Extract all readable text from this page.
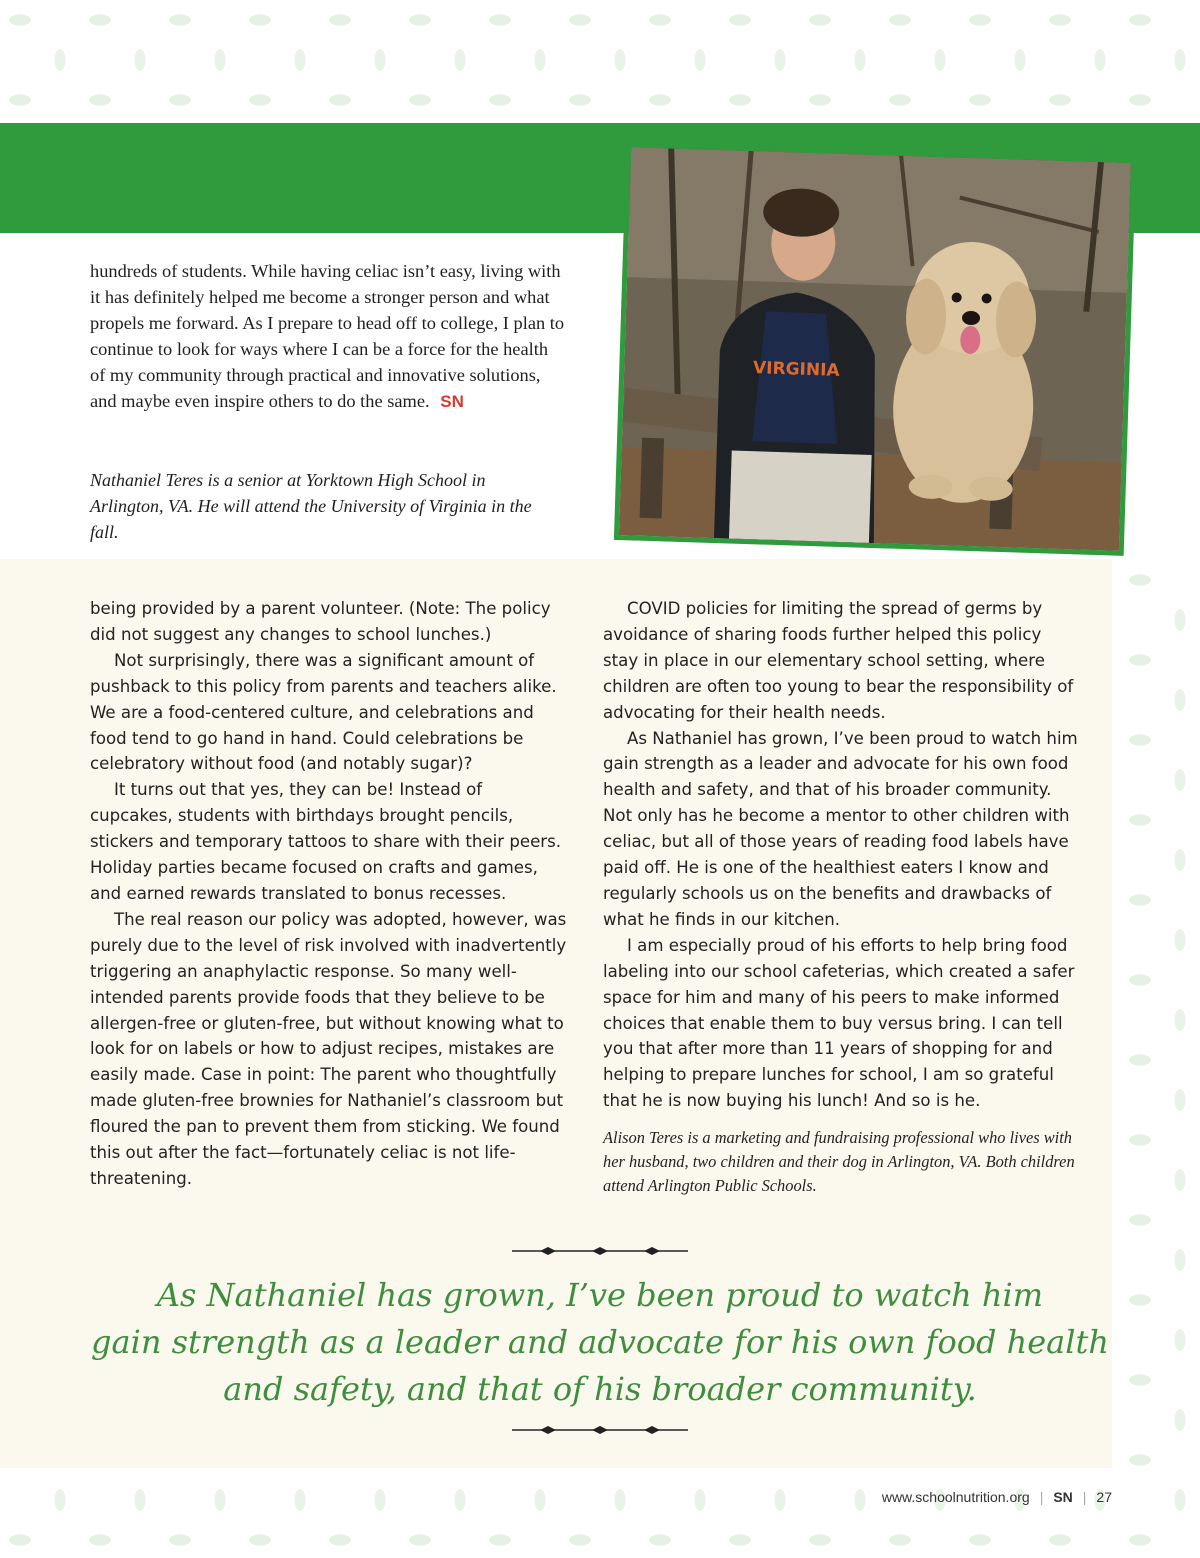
hundreds of students. While having celiac isn’t easy, living with it has definitely helped me become a stronger person and what propels me forward. As I prepare to head off to college, I plan to continue to look for ways where I can be a force for the health of my community through practical and innovative solutions, and maybe even inspire others to do the same. SN
Nathaniel Teres is a senior at Yorktown High School in Arlington, VA. He will attend the University of Virginia in the fall.
VIRGINIA

being provided by a parent volunteer. (Note: The policy did not suggest any changes to school lunches.)

Not surprisingly, there was a significant amount of pushback to this policy from parents and teachers alike. We are a food-centered culture, and celebrations and food tend to go hand in hand. Could celebrations be celebratory without food (and notably sugar)?

It turns out that yes, they can be! Instead of cupcakes, students with birthdays brought pencils, stickers and temporary tattoos to share with their peers. Holiday parties became focused on crafts and games, and earned rewards translated to bonus recesses.

The real reason our policy was adopted, however, was purely due to the level of risk involved with inadvertently triggering an anaphylactic response. So many well-intended parents provide foods that they believe to be allergen-free or gluten-free, but without knowing what to look for on labels or how to adjust recipes, mistakes are easily made. Case in point: The parent who thoughtfully made gluten-free brownies for Nathaniel’s classroom but floured the pan to prevent them from sticking. We found this out after the fact—fortunately celiac is not life-threatening.

COVID policies for limiting the spread of germs by avoidance of sharing foods further helped this policy stay in place in our elementary school setting, where children are often too young to bear the responsibility of advocating for their health needs.

As Nathaniel has grown, I’ve been proud to watch him gain strength as a leader and advocate for his own food health and safety, and that of his broader community. Not only has he become a mentor to other children with celiac, but all of those years of reading food labels have paid off. He is one of the healthiest eaters I know and regularly schools us on the benefits and drawbacks of what he finds in our kitchen.

I am especially proud of his efforts to help bring food labeling into our school cafeterias, which created a safer space for him and many of his peers to make informed choices that enable them to buy versus bring. I can tell you that after more than 11 years of shopping for and helping to prepare lunches for school, I am so grateful that he is now buying his lunch! And so is he.

Alison Teres is a marketing and fundraising professional who lives with her husband, two children and their dog in Arlington, VA. Both children attend Arlington Public Schools.

As Nathaniel has grown, I’ve been proud to watch him
gain strength as a leader and advocate for his own food health
and safety, and that of his broader community.
www.schoolnutrition.org | SN | 27
